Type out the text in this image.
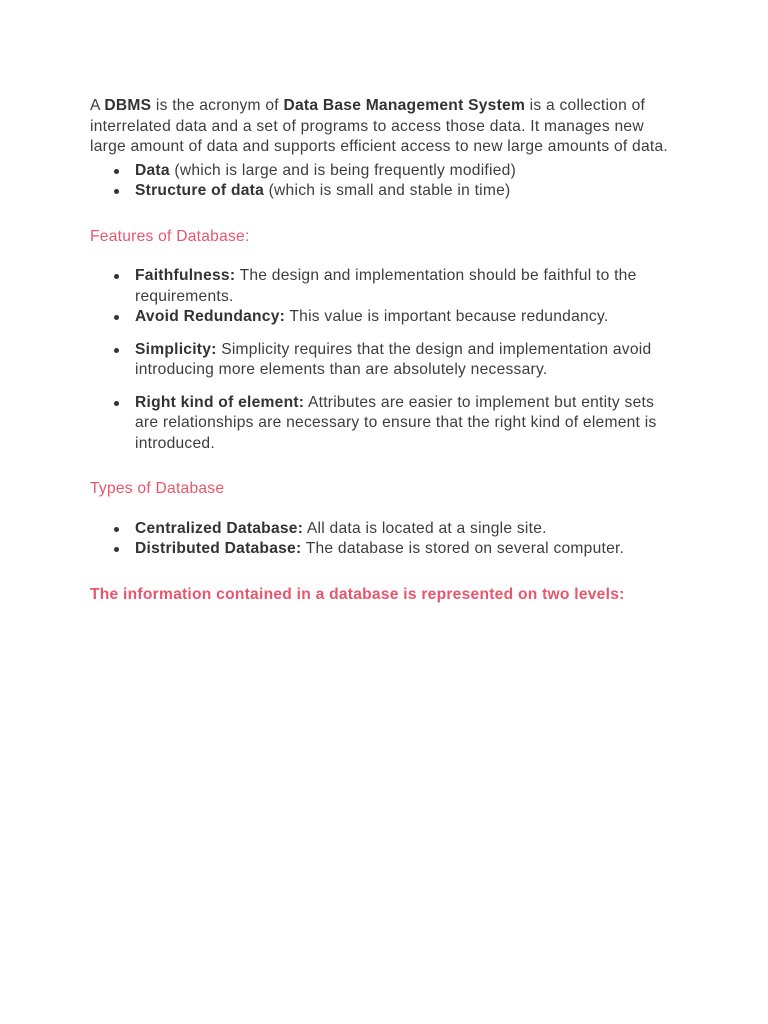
A DBMS is the acronym of Data Base Management System is a collection of interrelated data and a set of programs to access those data. It manages new large amount of data and supports efficient access to new large amounts of data.

Data (which is large and is being frequently modified)
Structure of data (which is small and stable in time)

Features of Database:

Faithfulness: The design and implementation should be faithful to the requirements.
Avoid Redundancy: This value is important because redundancy.
Simplicity: Simplicity requires that the design and implementation avoid introducing more elements than are absolutely necessary.
Right kind of element: Attributes are easier to implement but entity sets are relationships are necessary to ensure that the right kind of element is introduced.

Types of Database

Centralized Database: All data is located at a single site.
Distributed Database: The database is stored on several computer.

The information contained in a database is represented on two levels:
